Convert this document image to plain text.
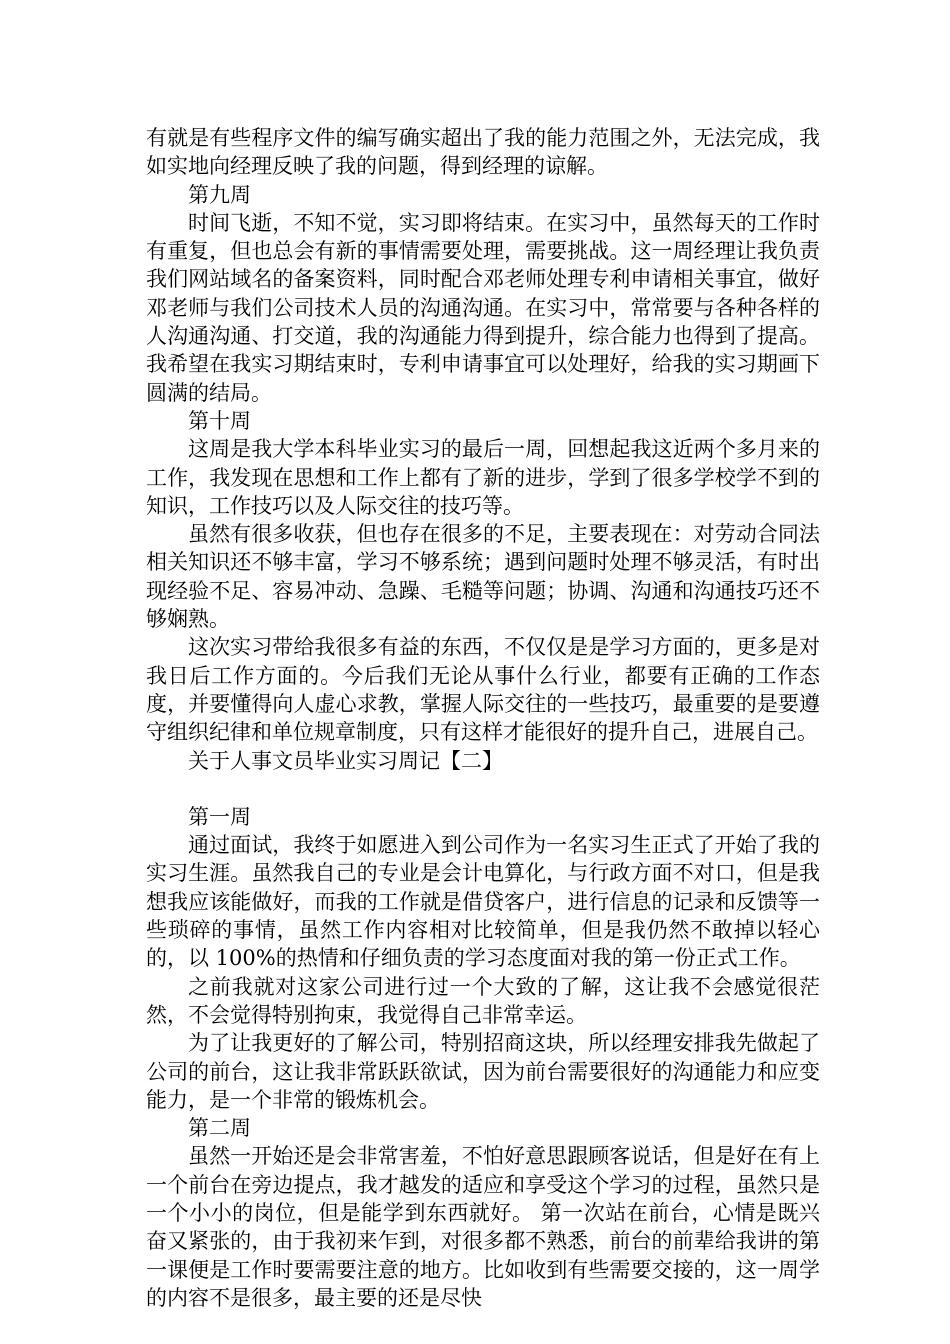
有就是有些程序文件的编写确实超出了我的能力范围之外，无法完成，我如实地向经理反映了我的问题，得到经理的谅解。

第九周

时间飞逝，不知不觉，实习即将结束。在实习中，虽然每天的工作时有重复，但也总会有新的事情需要处理，需要挑战。这一周经理让我负责我们网站域名的备案资料，同时配合邓老师处理专利申请相关事宜，做好邓老师与我们公司技术人员的沟通沟通。在实习中，常常要与各种各样的人沟通沟通、打交道，我的沟通能力得到提升，综合能力也得到了提高。我希望在我实习期结束时，专利申请事宜可以处理好，给我的实习期画下圆满的结局。

第十周

这周是我大学本科毕业实习的最后一周，回想起我这近两个多月来的工作，我发现在思想和工作上都有了新的进步，学到了很多学校学不到的知识，工作技巧以及人际交往的技巧等。

虽然有很多收获，但也存在很多的不足，主要表现在：对劳动合同法相关知识还不够丰富，学习不够系统；遇到问题时处理不够灵活，有时出现经验不足、容易冲动、急躁、毛糙等问题；协调、沟通和沟通技巧还不够娴熟。

这次实习带给我很多有益的东西，不仅仅是是学习方面的，更多是对我日后工作方面的。今后我们无论从事什么行业，都要有正确的工作态度，并要懂得向人虚心求教，掌握人际交往的一些技巧，最重要的是要遵守组织纪律和单位规章制度，只有这样才能很好的提升自己，进展自己。

关于人事文员毕业实习周记【二】

第一周

通过面试，我终于如愿进入到公司作为一名实习生正式了开始了我的实习生涯。虽然我自己的专业是会计电算化，与行政方面不对口，但是我想我应该能做好，而我的工作就是借贷客户，进行信息的记录和反馈等一些琐碎的事情，虽然工作内容相对比较简单，但是我仍然不敢掉以轻心的，以 100%的热情和仔细负责的学习态度面对我的第一份正式工作。

之前我就对这家公司进行过一个大致的了解，这让我不会感觉很茫然，不会觉得特别拘束，我觉得自己非常幸运。

为了让我更好的了解公司，特别招商这块，所以经理安排我先做起了公司的前台，这让我非常跃跃欲试，因为前台需要很好的沟通能力和应变能力，是一个非常的锻炼机会。

第二周

虽然一开始还是会非常害羞，不怕好意思跟顾客说话，但是好在有上一个前台在旁边提点，我才越发的适应和享受这个学习的过程，虽然只是一个小小的岗位，但是能学到东西就好。 第一次站在前台，心情是既兴奋又紧张的，由于我初来乍到，对很多都不熟悉，前台的前辈给我讲的第一课便是工作时要需要注意的地方。比如收到有些需要交接的，这一周学的内容不是很多，最主要的还是尽快
